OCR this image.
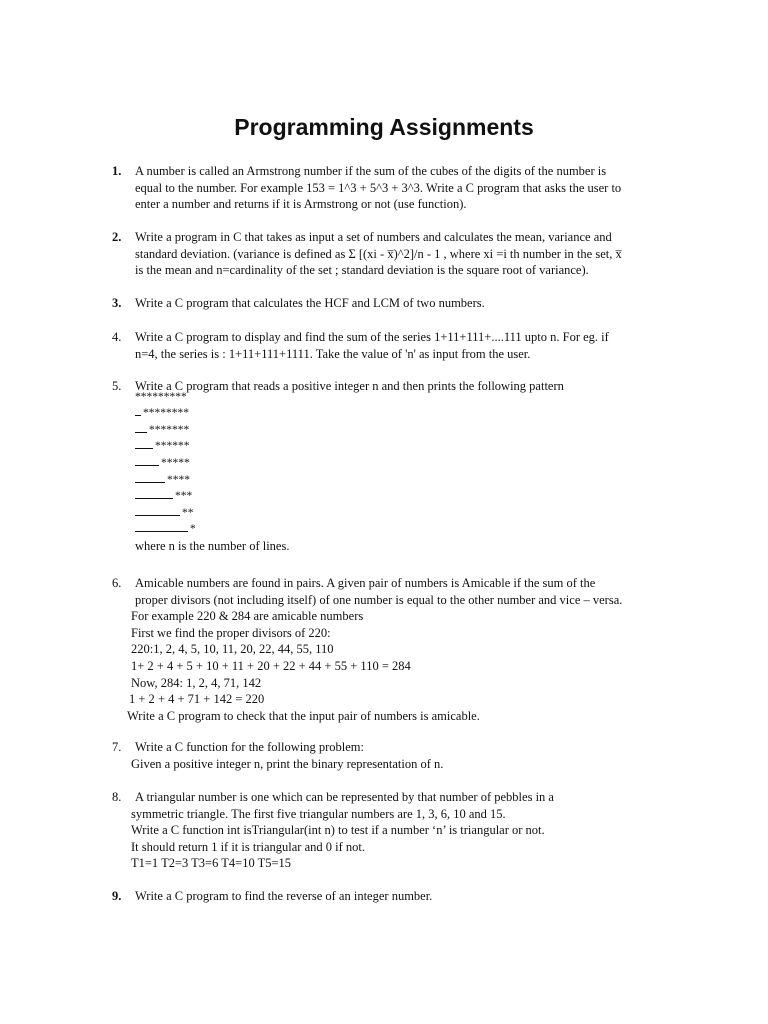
Programming Assignments
1. A number is called an Armstrong number if the sum of the cubes of the digits of the number is
equal to the number. For example 153 = 1^3 + 5^3 + 3^3. Write a C program that asks the user to
enter a number and returns if it is Armstrong or not (use function).
2. Write a program in C that takes as input a set of numbers and calculates the mean, variance and
standard deviation. (variance is defined as Σ [(xi - x̅)^2]/n - 1 , where xi =i th number in the set, x̅
is the mean and n=cardinality of the set ; standard deviation is the square root of variance).
3. Write a C program that calculates the HCF and LCM of two numbers.
4. Write a C program to display and find the sum of the series 1+11+111+....111 upto n. For eg. if
n=4, the series is : 1+11+111+1111. Take the value of 'n' as input from the user.
5. Write a C program that reads a positive integer n and then prints the following pattern
*********
********
*******
******
*****
****
***
**
*
where n is the number of lines.
6. Amicable numbers are found in pairs. A given pair of numbers is Amicable if the sum of the
proper divisors (not including itself) of one number is equal to the other number and vice – versa.
For example 220 & 284 are amicable numbers
First we find the proper divisors of 220:
220:1, 2, 4, 5, 10, 11, 20, 22, 44, 55, 110
1+ 2 + 4 + 5 + 10 + 11 + 20 + 22 + 44 + 55 + 110 = 284
Now, 284: 1, 2, 4, 71, 142
1 + 2 + 4 + 71 + 142 = 220
Write a C program to check that the input pair of numbers is amicable.
7. Write a C function for the following problem:
Given a positive integer n, print the binary representation of n.
8. A triangular number is one which can be represented by that number of pebbles in a
symmetric triangle. The first five triangular numbers are 1, 3, 6, 10 and 15.
Write a C function int isTriangular(int n) to test if a number ‘n’ is triangular or not.
It should return 1 if it is triangular and 0 if not.
T1=1 T2=3 T3=6 T4=10 T5=15
9. Write a C program to find the reverse of an integer number.
